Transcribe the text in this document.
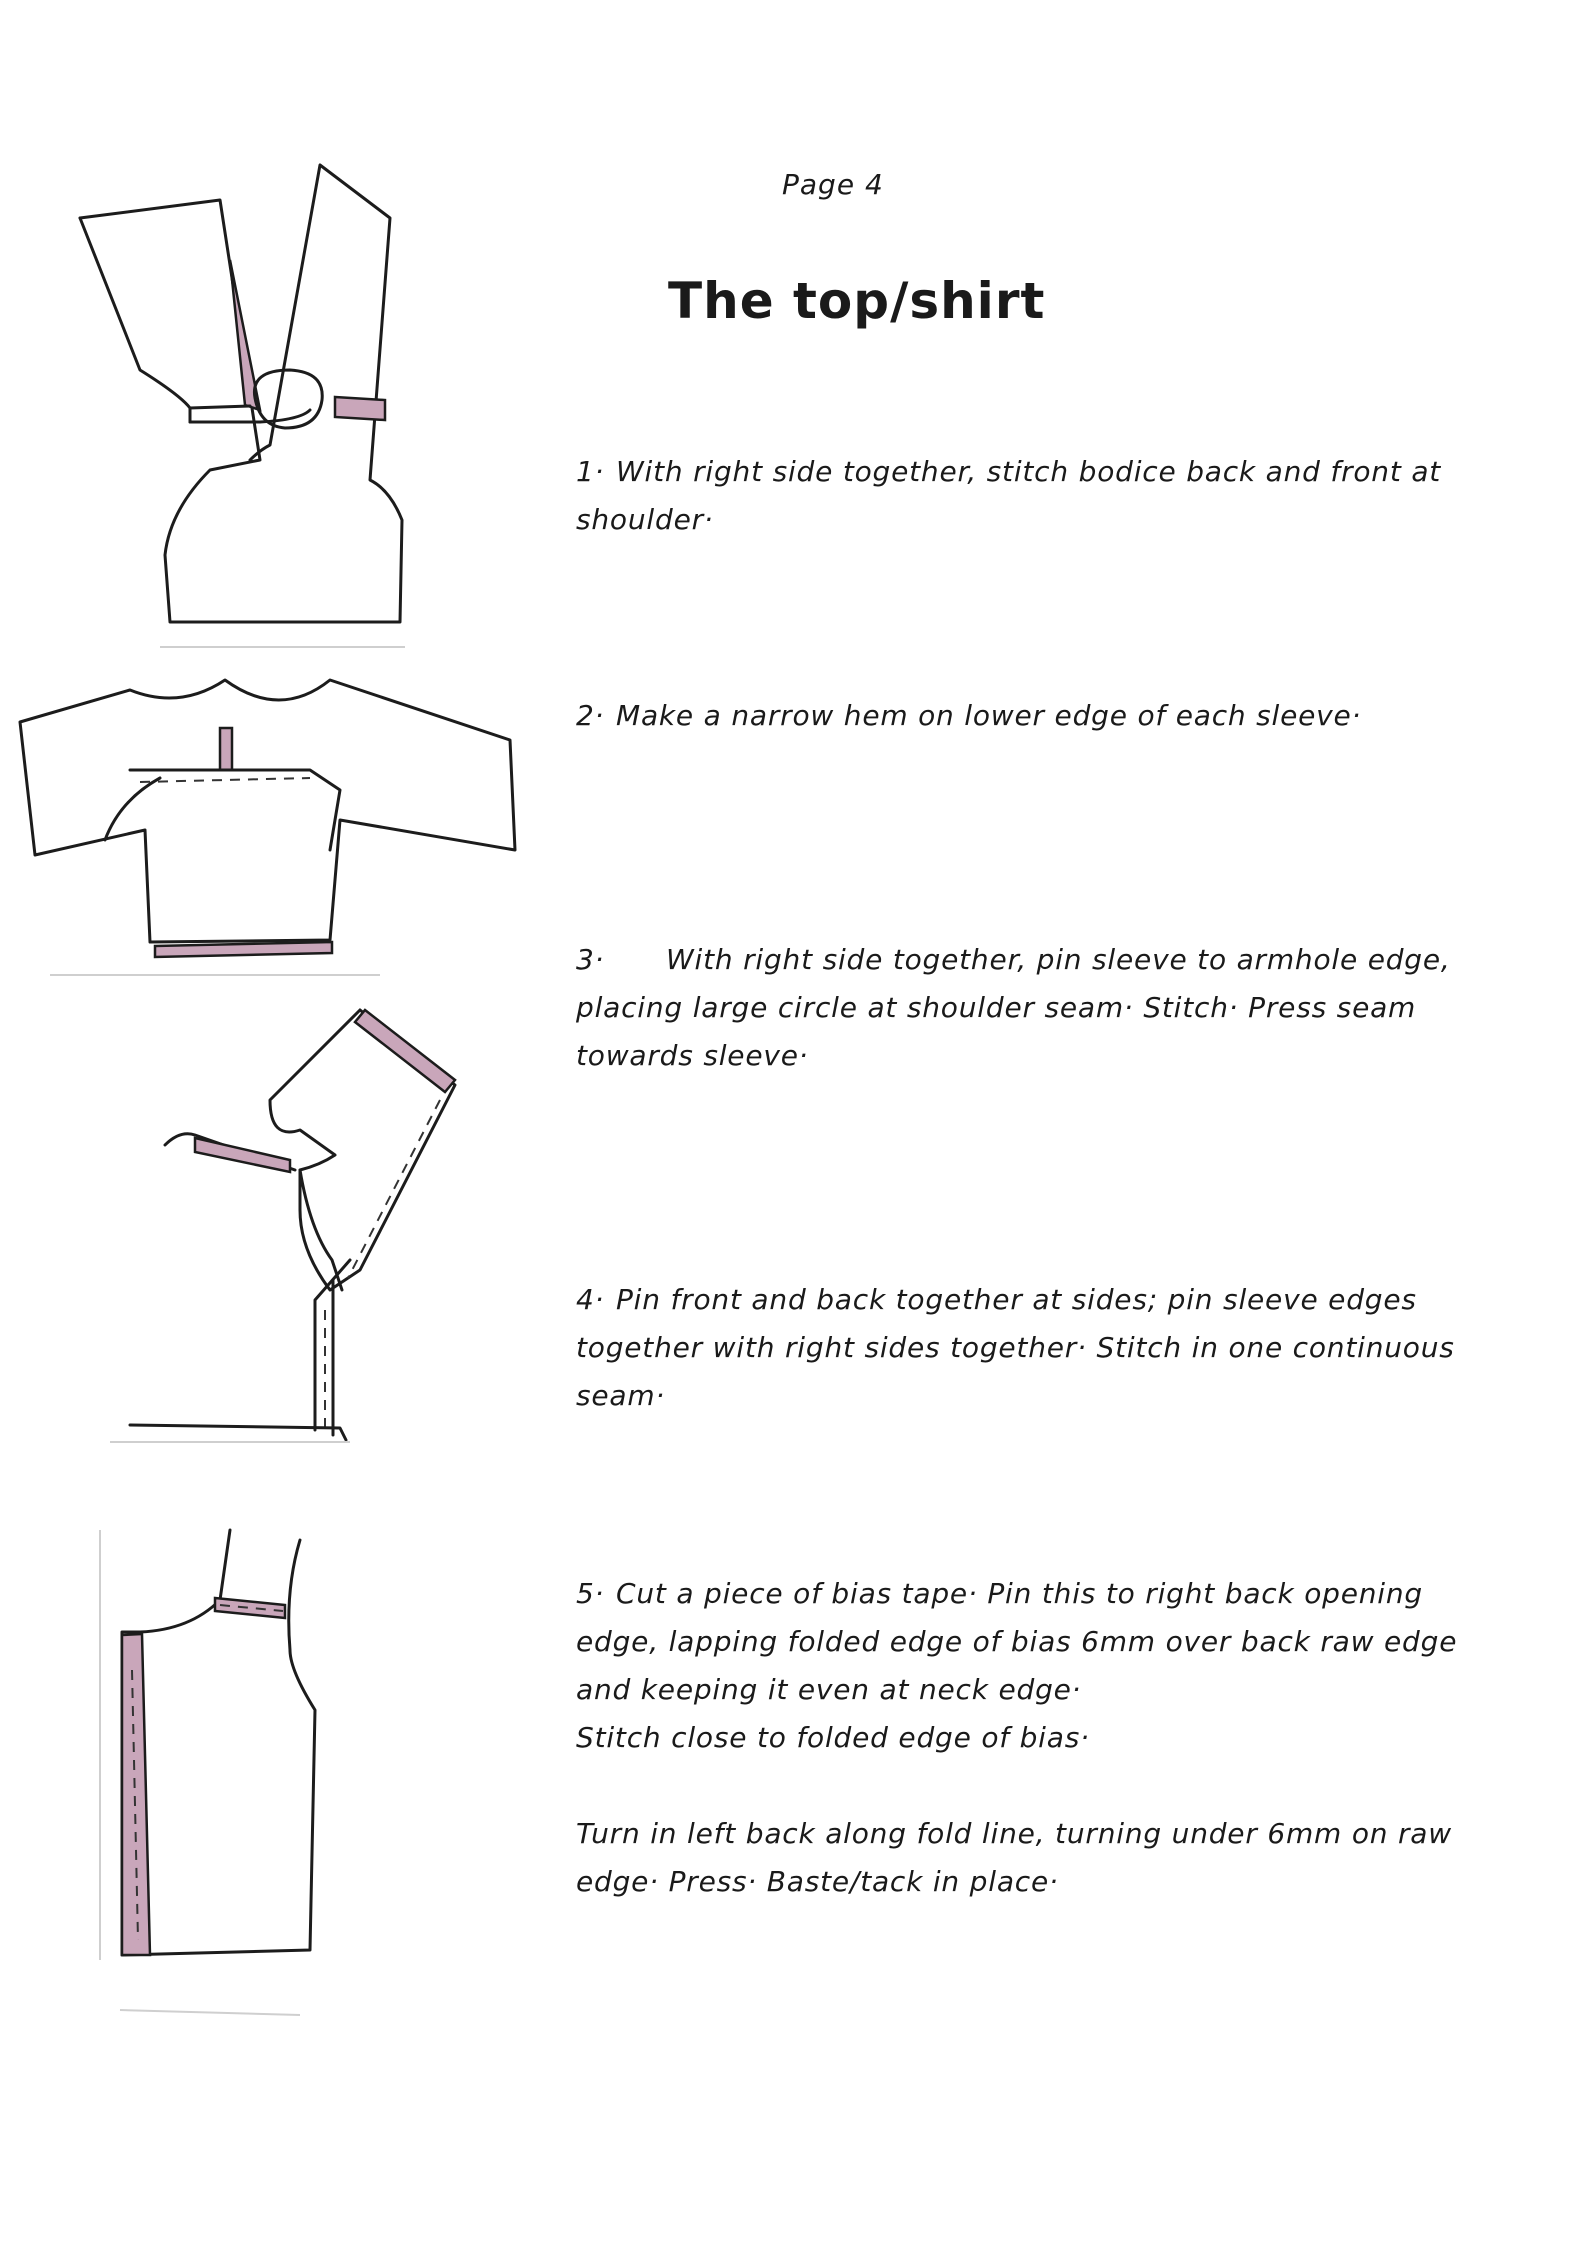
Page 4
The top/shirt

1· With right side together, stitch bodice back and front at shoulder·

2· Make a narrow hem on lower edge of each sleeve·

3· With right side together, pin sleeve to armhole edge, placing large circle at shoulder seam· Stitch· Press seam towards sleeve·

4· Pin front and back together at sides; pin sleeve edges together with right sides together· Stitch in one continuous seam·

5· Cut a piece of bias tape· Pin this to right back opening edge, lapping folded edge of bias 6mm over back raw edge and keeping it even at neck edge·

Stitch close to folded edge of bias·

Turn in left back along fold line, turning under 6mm on raw edge· Press· Baste/tack in place·
